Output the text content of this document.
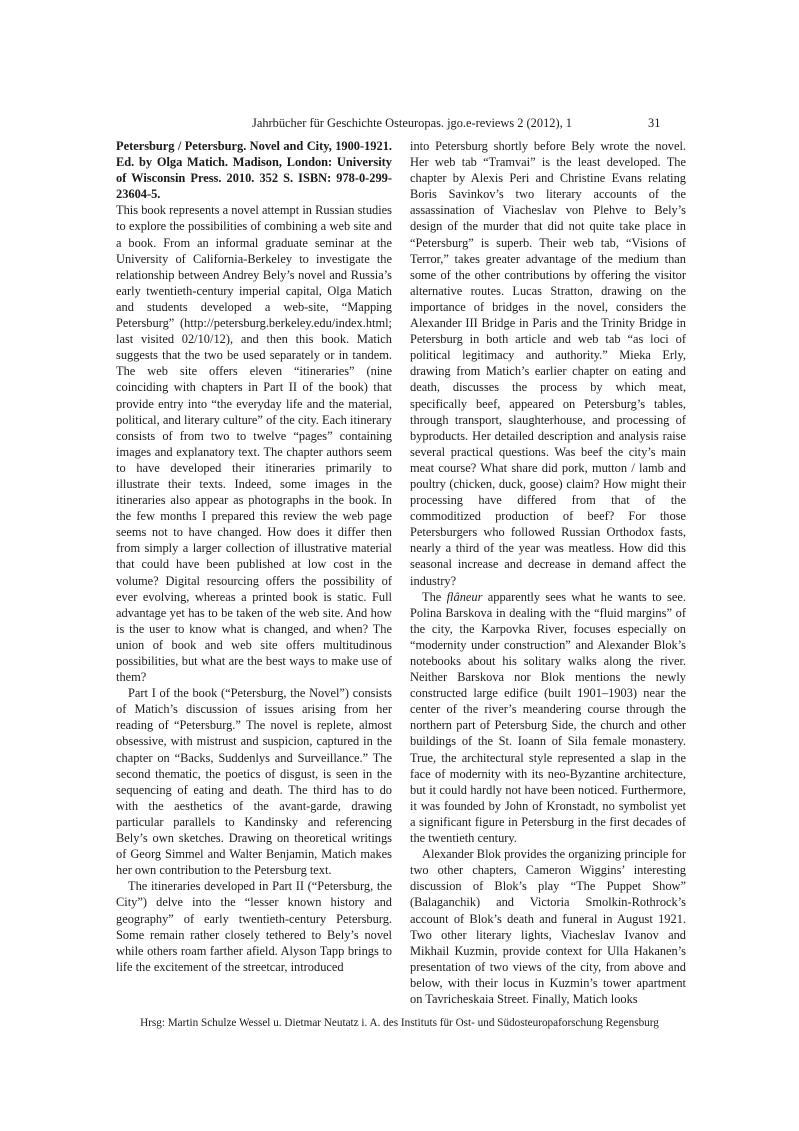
Jahrbücher für Geschichte Osteuropas. jgo.e-reviews 2 (2012), 1	31

Petersburg / Petersburg. Novel and City, 1900-1921. Ed. by Olga Matich. Madison, London: University of Wisconsin Press. 2010. 352 S. ISBN: 978-0-299-23604-5.

This book represents a novel attempt in Russian studies to explore the possibilities of combining a web site and a book. From an informal graduate seminar at the University of California-Berkeley to investigate the relationship between Andrey Bely’s novel and Russia’s early twentieth-century imperial capital, Olga Matich and students developed a web-site, “Mapping Petersburg” (http://petersburg.berkeley.edu/index.html; last visited 02/10/12), and then this book. Matich suggests that the two be used separately or in tandem. The web site offers eleven “itineraries” (nine coinciding with chapters in Part II of the book) that provide entry into “the everyday life and the material, political, and literary culture” of the city. Each itinerary consists of from two to twelve “pages” containing images and explanatory text. The chapter authors seem to have developed their itineraries primarily to illustrate their texts. Indeed, some images in the itineraries also appear as photographs in the book. In the few months I prepared this review the web page seems not to have changed. How does it differ then from simply a larger collection of illustrative material that could have been published at low cost in the volume? Digital resourcing offers the possibility of ever evolving, whereas a printed book is static. Full advantage yet has to be taken of the web site. And how is the user to know what is changed, and when? The union of book and web site offers multitudinous possibilities, but what are the best ways to make use of them?

Part I of the book (“Petersburg, the Novel”) consists of Matich’s discussion of issues arising from her reading of “Petersburg.” The novel is replete, almost obsessive, with mistrust and suspicion, captured in the chapter on “Backs, Suddenlys and Surveillance.” The second thematic, the poetics of disgust, is seen in the sequencing of eating and death. The third has to do with the aesthetics of the avant-garde, drawing particular parallels to Kandinsky and referencing Bely’s own sketches. Drawing on theoretical writings of Georg Simmel and Walter Benjamin, Matich makes her own contribution to the Petersburg text.

The itineraries developed in Part II (“Petersburg, the City”) delve into the “lesser known history and geography” of early twentieth-century Petersburg. Some remain rather closely tethered to Bely’s novel while others roam farther afield. Alyson Tapp brings to life the excitement of the streetcar, introduced

into Petersburg shortly before Bely wrote the novel. Her web tab “Tramvai” is the least developed. The chapter by Alexis Peri and Christine Evans relating Boris Savinkov’s two literary accounts of the assassination of Viacheslav von Plehve to Bely’s design of the murder that did not quite take place in “Petersburg” is superb. Their web tab, “Visions of Terror,” takes greater advantage of the medium than some of the other contributions by offering the visitor alternative routes. Lucas Stratton, drawing on the importance of bridges in the novel, considers the Alexander III Bridge in Paris and the Trinity Bridge in Petersburg in both article and web tab “as loci of political legitimacy and authority.” Mieka Erly, drawing from Matich’s earlier chapter on eating and death, discusses the process by which meat, specifically beef, appeared on Petersburg’s tables, through transport, slaughterhouse, and processing of byproducts. Her detailed description and analysis raise several practical questions. Was beef the city’s main meat course? What share did pork, mutton / lamb and poultry (chicken, duck, goose) claim? How might their processing have differed from that of the commoditized production of beef? For those Petersburgers who followed Russian Orthodox fasts, nearly a third of the year was meatless. How did this seasonal increase and decrease in demand affect the industry?

The flâneur apparently sees what he wants to see. Polina Barskova in dealing with the “fluid margins” of the city, the Karpovka River, focuses especially on “modernity under construction” and Alexander Blok’s notebooks about his solitary walks along the river. Neither Barskova nor Blok mentions the newly constructed large edifice (built 1901–1903) near the center of the river’s meandering course through the northern part of Petersburg Side, the church and other buildings of the St. Ioann of Sila female monastery. True, the architectural style represented a slap in the face of modernity with its neo-Byzantine architecture, but it could hardly not have been noticed. Furthermore, it was founded by John of Kronstadt, no symbolist yet a significant figure in Petersburg in the first decades of the twentieth century.

Alexander Blok provides the organizing principle for two other chapters, Cameron Wiggins’ interesting discussion of Blok’s play “The Puppet Show” (Balaganchik) and Victoria Smolkin-Rothrock’s account of Blok’s death and funeral in August 1921. Two other literary lights, Viacheslav Ivanov and Mikhail Kuzmin, provide context for Ulla Hakanen’s presentation of two views of the city, from above and below, with their locus in Kuzmin’s tower apartment on Tavricheskaia Street. Finally, Matich looks

Hrsg: Martin Schulze Wessel u. Dietmar Neutatz i. A. des Instituts für Ost- und Südosteuropaforschung Regensburg
